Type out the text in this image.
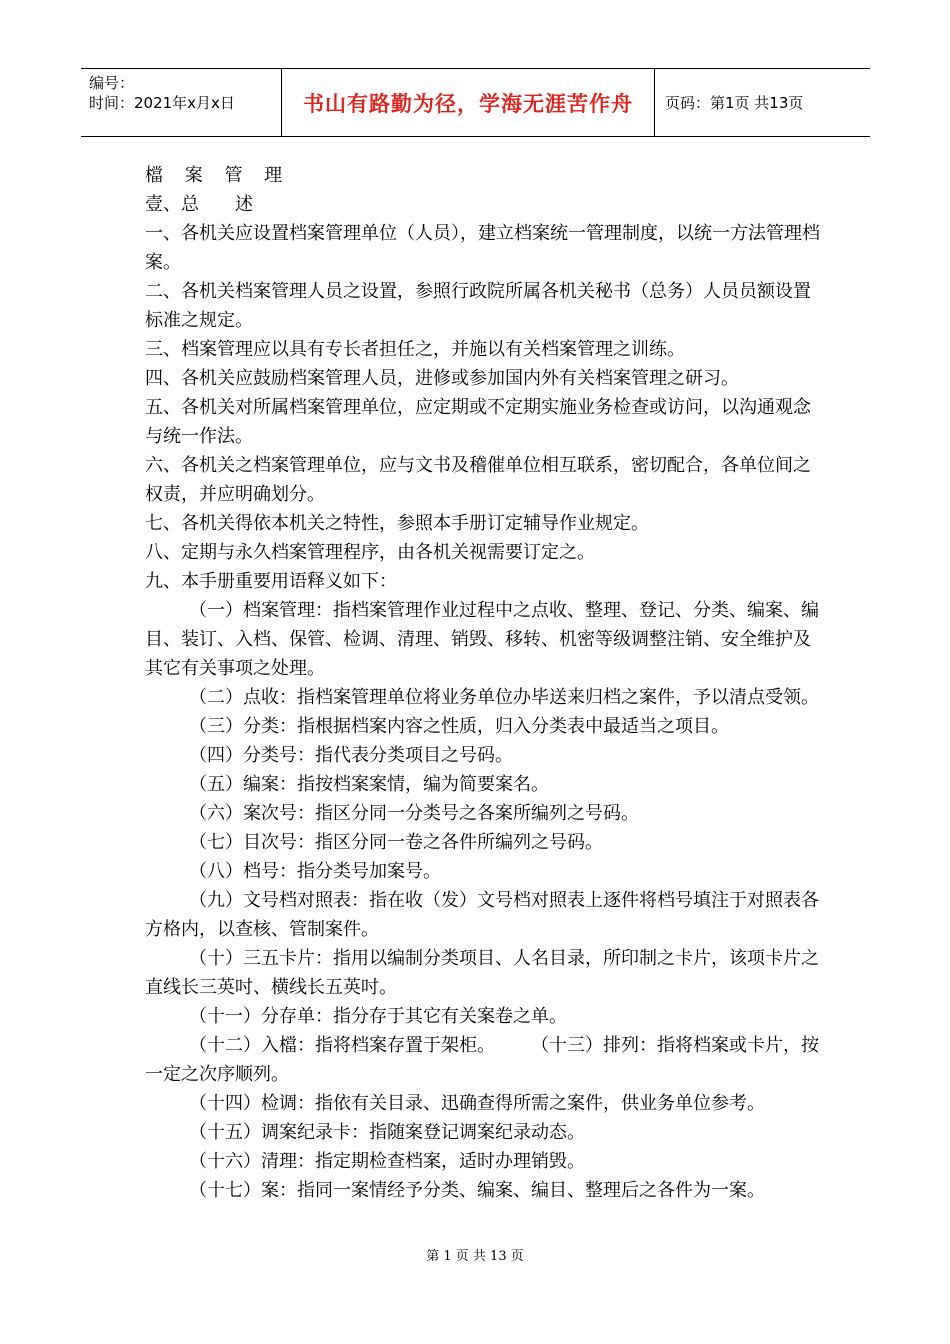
编号：
时间：2021年x月x日	书山有路勤为径，学海无涯苦作舟	页码：第1页 共13页

檔 案 管 理

壹、总　　述

一、各机关应设置档案管理单位（人员），建立档案统一管理制度，以统一方法管理档案。

二、各机关档案管理人员之设置，参照行政院所属各机关秘书（总务）人员员额设置标准之规定。

三、档案管理应以具有专长者担任之，并施以有关档案管理之训练。

四、各机关应鼓励档案管理人员，进修或参加国内外有关档案管理之研习。

五、各机关对所属档案管理单位，应定期或不定期实施业务检查或访问，以沟通观念与统一作法。

六、各机关之档案管理单位，应与文书及稽催单位相互联系，密切配合，各单位间之权责，并应明确划分。

七、各机关得依本机关之特性，参照本手册订定辅导作业规定。

八、定期与永久档案管理程序，由各机关视需要订定之。

九、本手册重要用语释义如下：

（一）档案管理：指档案管理作业过程中之点收、整理、登记、分类、编案、编目、装订、入档、保管、检调、清理、销毁、移转、机密等级调整注销、安全维护及其它有关事项之处理。

（二）点收：指档案管理单位将业务单位办毕送来归档之案件，予以清点受领。

（三）分类：指根据档案内容之性质，归入分类表中最适当之项目。

（四）分类号：指代表分类项目之号码。

（五）编案：指按档案案情，编为简要案名。

（六）案次号：指区分同一分类号之各案所编列之号码。

（七）目次号：指区分同一卷之各件所编列之号码。

（八）档号：指分类号加案号。

（九）文号档对照表：指在收（发）文号档对照表上逐件将档号填注于对照表各方格内，以查核、管制案件。

（十）三五卡片：指用以编制分类项目、人名目录，所印制之卡片，该项卡片之直线长三英吋、横线长五英吋。

（十一）分存单：指分存于其它有关案卷之单。

（十二）入檔：指将档案存置于架柜。　　　（十三）排列：指将档案或卡片，按一定之次序顺列。

（十四）检调：指依有关目录、迅确查得所需之案件，供业务单位参考。

（十五）调案纪录卡：指随案登记调案纪录动态。

（十六）清理：指定期检查档案，适时办理销毁。

（十七）案：指同一案情经予分类、编案、编目、整理后之各件为一案。

第 1 页 共 13 页
